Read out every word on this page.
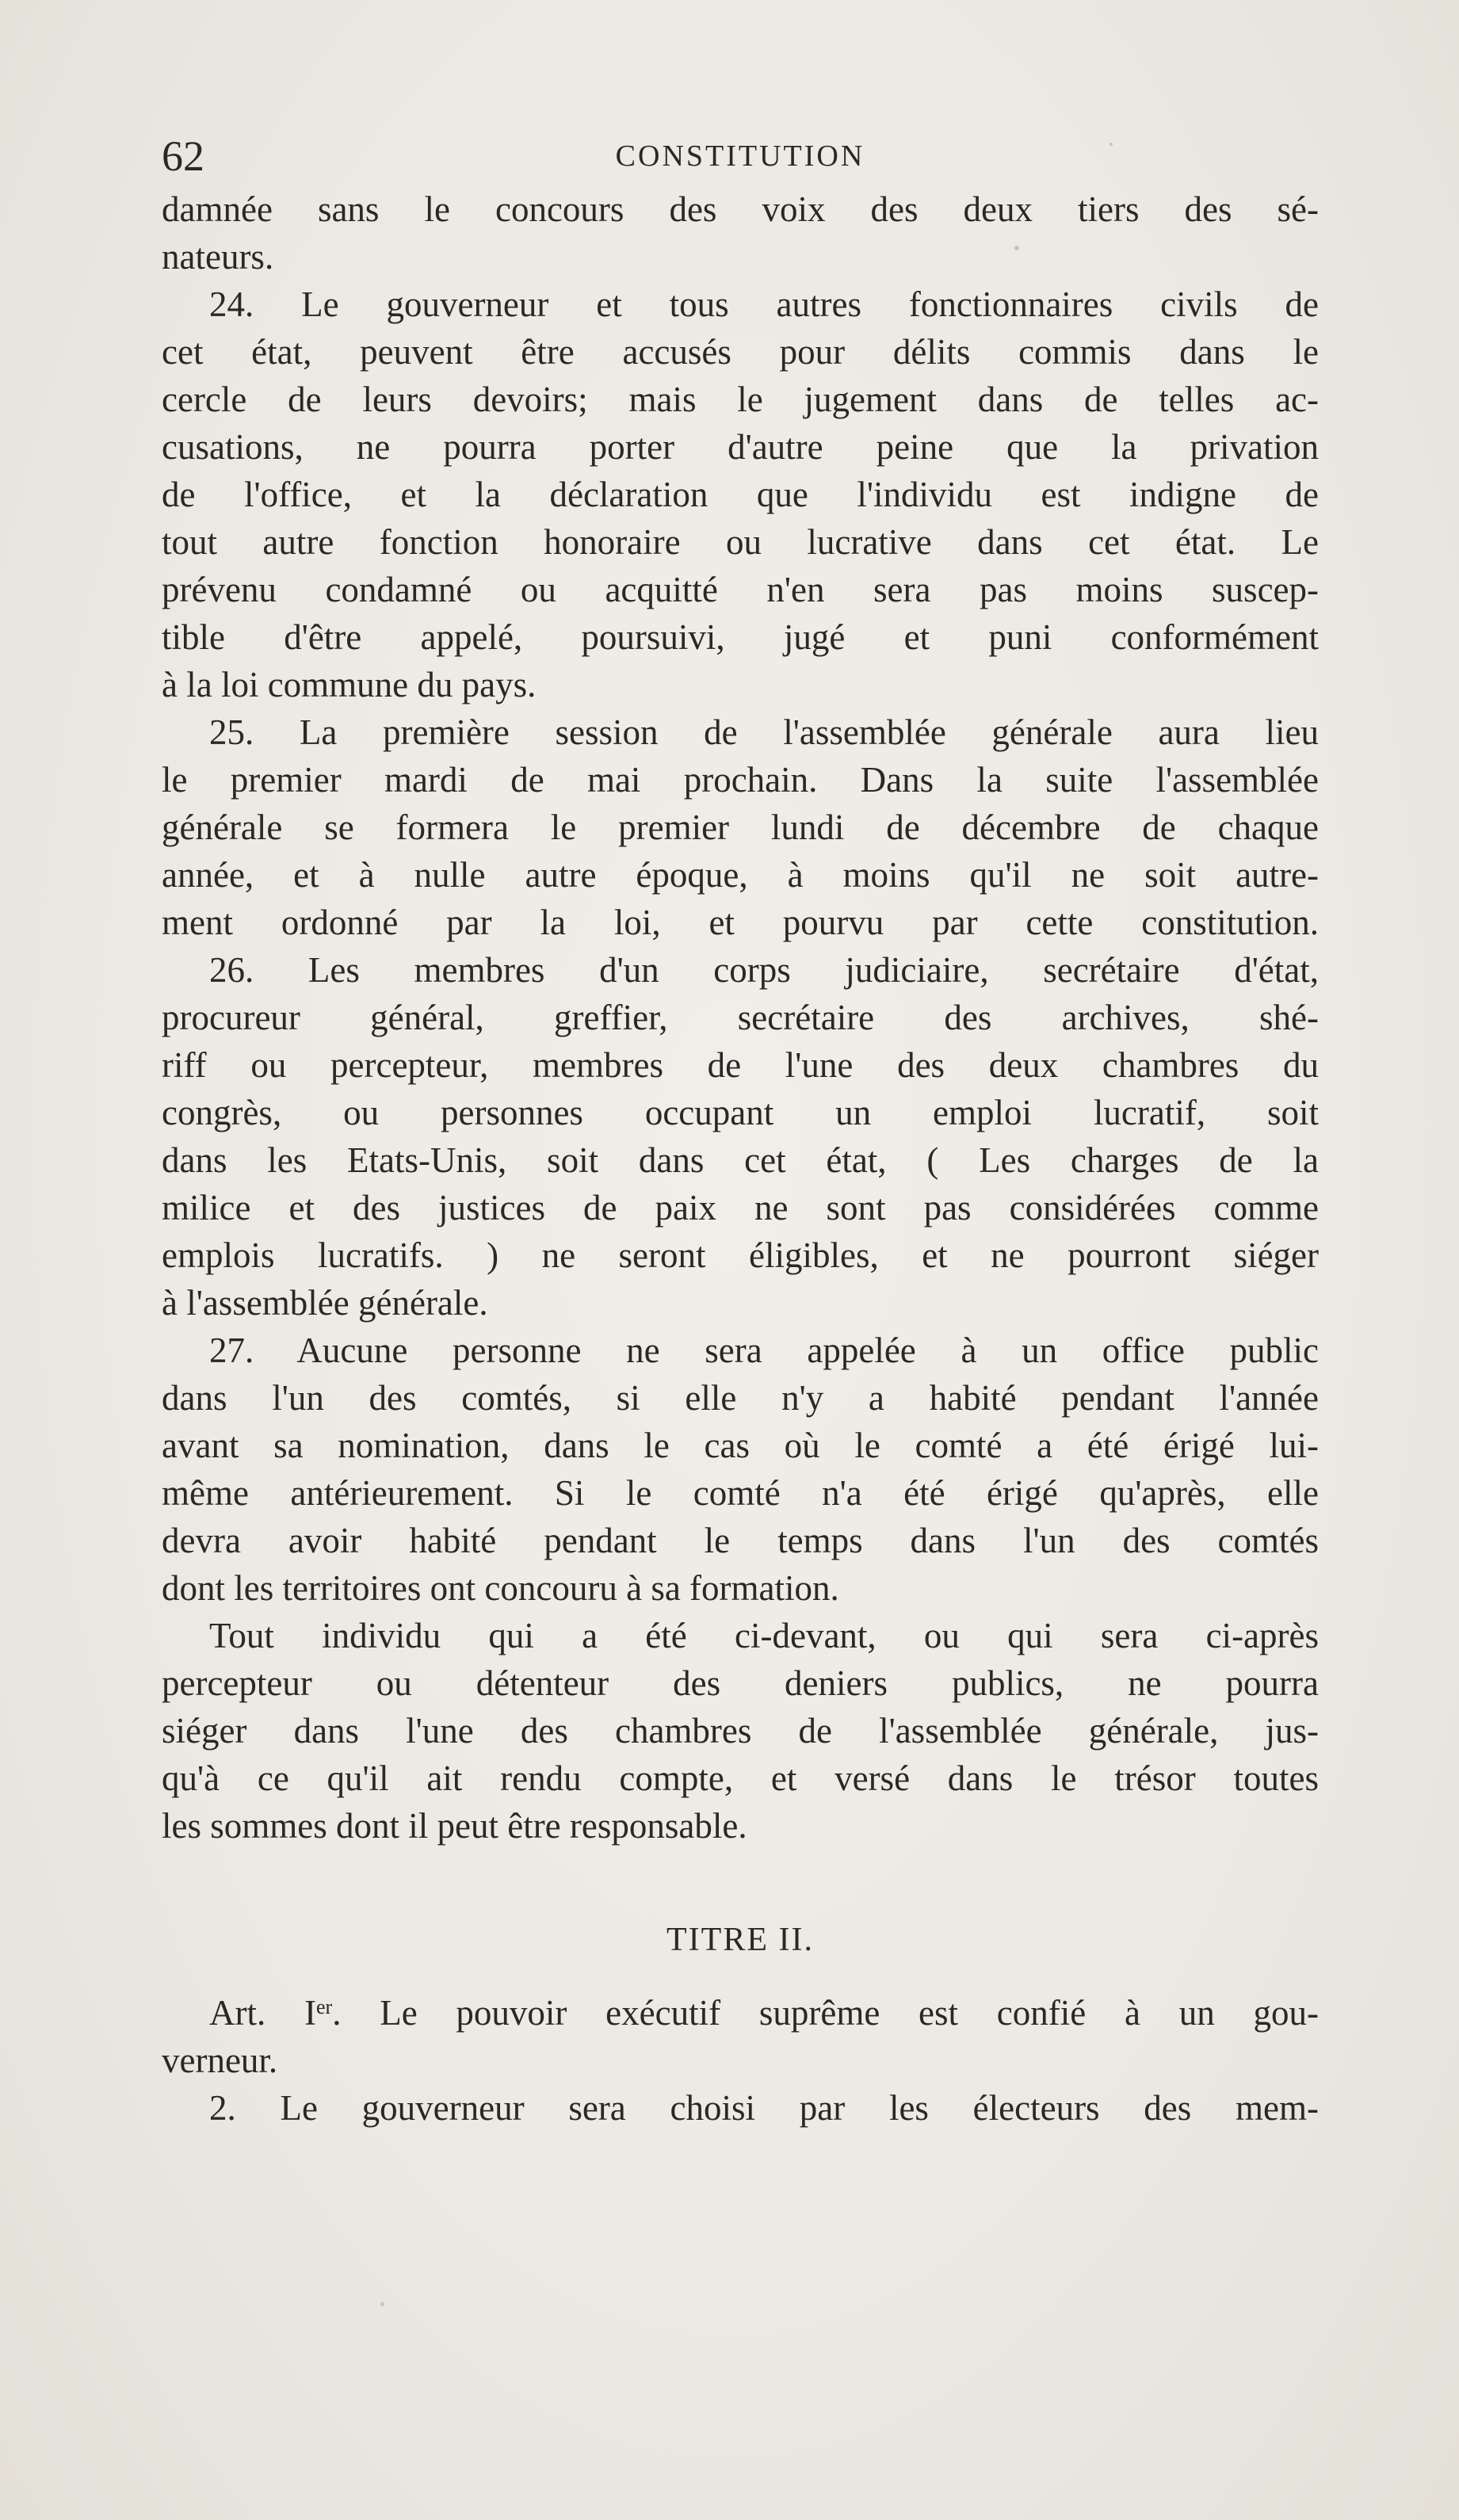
62	CONSTITUTION
damnée sans le concours des voix des deux tiers des sé-
nateurs.
24. Le gouverneur et tous autres fonctionnaires civils de
cet état, peuvent être accusés pour délits commis dans le
cercle de leurs devoirs; mais le jugement dans de telles ac-
cusations, ne pourra porter d'autre peine que la privation
de l'office, et la déclaration que l'individu est indigne de
tout autre fonction honoraire ou lucrative dans cet état. Le
prévenu condamné ou acquitté n'en sera pas moins suscep-
tible d'être appelé, poursuivi, jugé et puni conformément
à la loi commune du pays.
25. La première session de l'assemblée générale aura lieu
le premier mardi de mai prochain. Dans la suite l'assemblée
générale se formera le premier lundi de décembre de chaque
année, et à nulle autre époque, à moins qu'il ne soit autre-
ment ordonné par la loi, et pourvu par cette constitution.
26. Les membres d'un corps judiciaire, secrétaire d'état,
procureur général, greffier, secrétaire des archives, shé-
riff ou percepteur, membres de l'une des deux chambres du
congrès, ou personnes occupant un emploi lucratif, soit
dans les Etats-Unis, soit dans cet état, ( Les charges de la
milice et des justices de paix ne sont pas considérées comme
emplois lucratifs. ) ne seront éligibles, et ne pourront siéger
à l'assemblée générale.
27. Aucune personne ne sera appelée à un office public
dans l'un des comtés, si elle n'y a habité pendant l'année
avant sa nomination, dans le cas où le comté a été érigé lui-
même antérieurement. Si le comté n'a été érigé qu'après, elle
devra avoir habité pendant le temps dans l'un des comtés
dont les territoires ont concouru à sa formation.
Tout individu qui a été ci-devant, ou qui sera ci-après
percepteur ou détenteur des deniers publics, ne pourra
siéger dans l'une des chambres de l'assemblée générale, jus-
qu'à ce qu'il ait rendu compte, et versé dans le trésor toutes
les sommes dont il peut être responsable.
TITRE II.
Art. Ier. Le pouvoir exécutif suprême est confié à un gou-
verneur.
2. Le gouverneur sera choisi par les électeurs des mem-
